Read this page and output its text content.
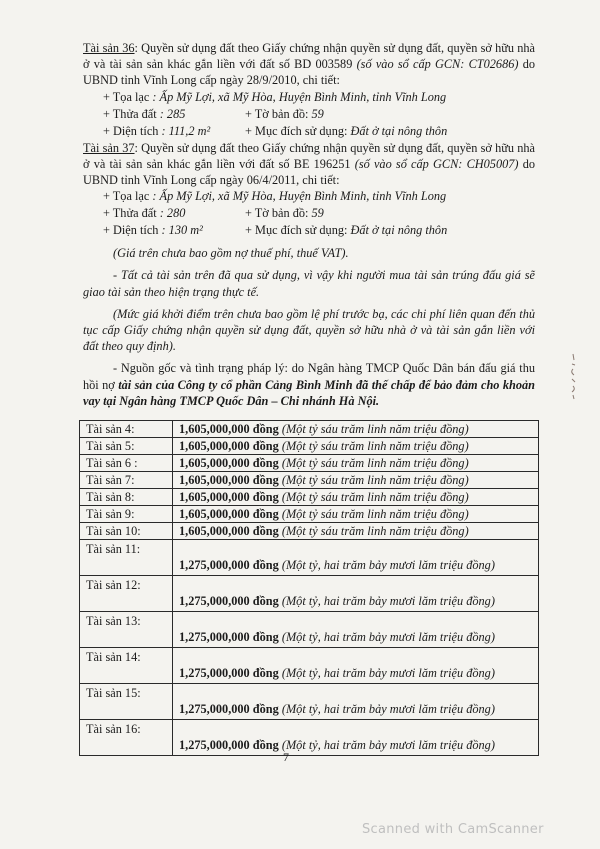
Tài sản 36: Quyền sử dụng đất theo Giấy chứng nhận quyền sử dụng đất, quyền sở hữu nhà ở và tài sản sản khác gắn liền với đất số BD 003589 (số vào sổ cấp GCN: CT02686) do UBND tỉnh Vĩnh Long cấp ngày 28/9/2010, chi tiết:

+ Tọa lạc
: Ấp Mỹ Lợi, xã Mỹ Hòa, Huyện Bình Minh, tỉnh Vĩnh Long
+ Thửa đất : 285	+ Tờ bản đồ: 59
+ Diện tích : 111,2 m²	+ Mục đích sử dụng: Đất ở tại nông thôn

Tài sản 37: Quyền sử dụng đất theo Giấy chứng nhận quyền sử dụng đất, quyền sở hữu nhà ở và tài sản sản khác gắn liền với đất số BE 196251 (số vào sổ cấp GCN: CH05007) do UBND tỉnh Vĩnh Long cấp ngày 06/4/2011, chi tiết:

+ Tọa lạc
: Ấp Mỹ Lợi, xã Mỹ Hòa, Huyện Bình Minh, tỉnh Vĩnh Long
+ Thửa đất : 280	+ Tờ bản đồ: 59
+ Diện tích : 130 m²	+ Mục đích sử dụng: Đất ở tại nông thôn

(Giá trên chưa bao gồm nợ thuế phí, thuế VAT).

- Tất cả tài sản trên đã qua sử dụng, vì vậy khi người mua tài sản trúng đấu giá sẽ giao tài sản theo hiện trạng thực tế.

(Mức giá khởi điểm trên chưa bao gồm lệ phí trước bạ, các chi phí liên quan đến thủ tục cấp Giấy chứng nhận quyền sử dụng đất, quyền sở hữu nhà ở và tài sản gắn liền với đất theo quy định).

- Nguồn gốc và tình trạng pháp lý: do Ngân hàng TMCP Quốc Dân bán đấu giá thu hồi nợ tài sản của Công ty cổ phần Cảng Bình Minh đã thế chấp để bảo đảm cho khoản vay tại Ngân hàng TMCP Quốc Dân – Chi nhánh Hà Nội.

Tài sản 4:	1,605,000,000 đồng (Một tỷ sáu trăm linh năm triệu đồng)
Tài sản 5:	1,605,000,000 đồng (Một tỷ sáu trăm linh năm triệu đồng)
Tài sản 6 :	1,605,000,000 đồng (Một tỷ sáu trăm linh năm triệu đồng)
Tài sản 7:	1,605,000,000 đồng (Một tỷ sáu trăm linh năm triệu đồng)
Tài sản 8:	1,605,000,000 đồng (Một tỷ sáu trăm linh năm triệu đồng)
Tài sản 9:	1,605,000,000 đồng (Một tỷ sáu trăm linh năm triệu đồng)
Tài sản 10:	1,605,000,000 đồng (Một tỷ sáu trăm linh năm triệu đồng)
Tài sản 11:	1,275,000,000 đồng (Một tỷ, hai trăm bảy mươi lăm triệu đồng)
Tài sản 12:	1,275,000,000 đồng (Một tỷ, hai trăm bảy mươi lăm triệu đồng)
Tài sản 13:	1,275,000,000 đồng (Một tỷ, hai trăm bảy mươi lăm triệu đồng)
Tài sản 14:	1,275,000,000 đồng (Một tỷ, hai trăm bảy mươi lăm triệu đồng)
Tài sản 15:	1,275,000,000 đồng (Một tỷ, hai trăm bảy mươi lăm triệu đồng)
Tài sản 16:	1,275,000,000 đồng (Một tỷ, hai trăm bảy mươi lăm triệu đồng)
7
Scanned with CamScanner
